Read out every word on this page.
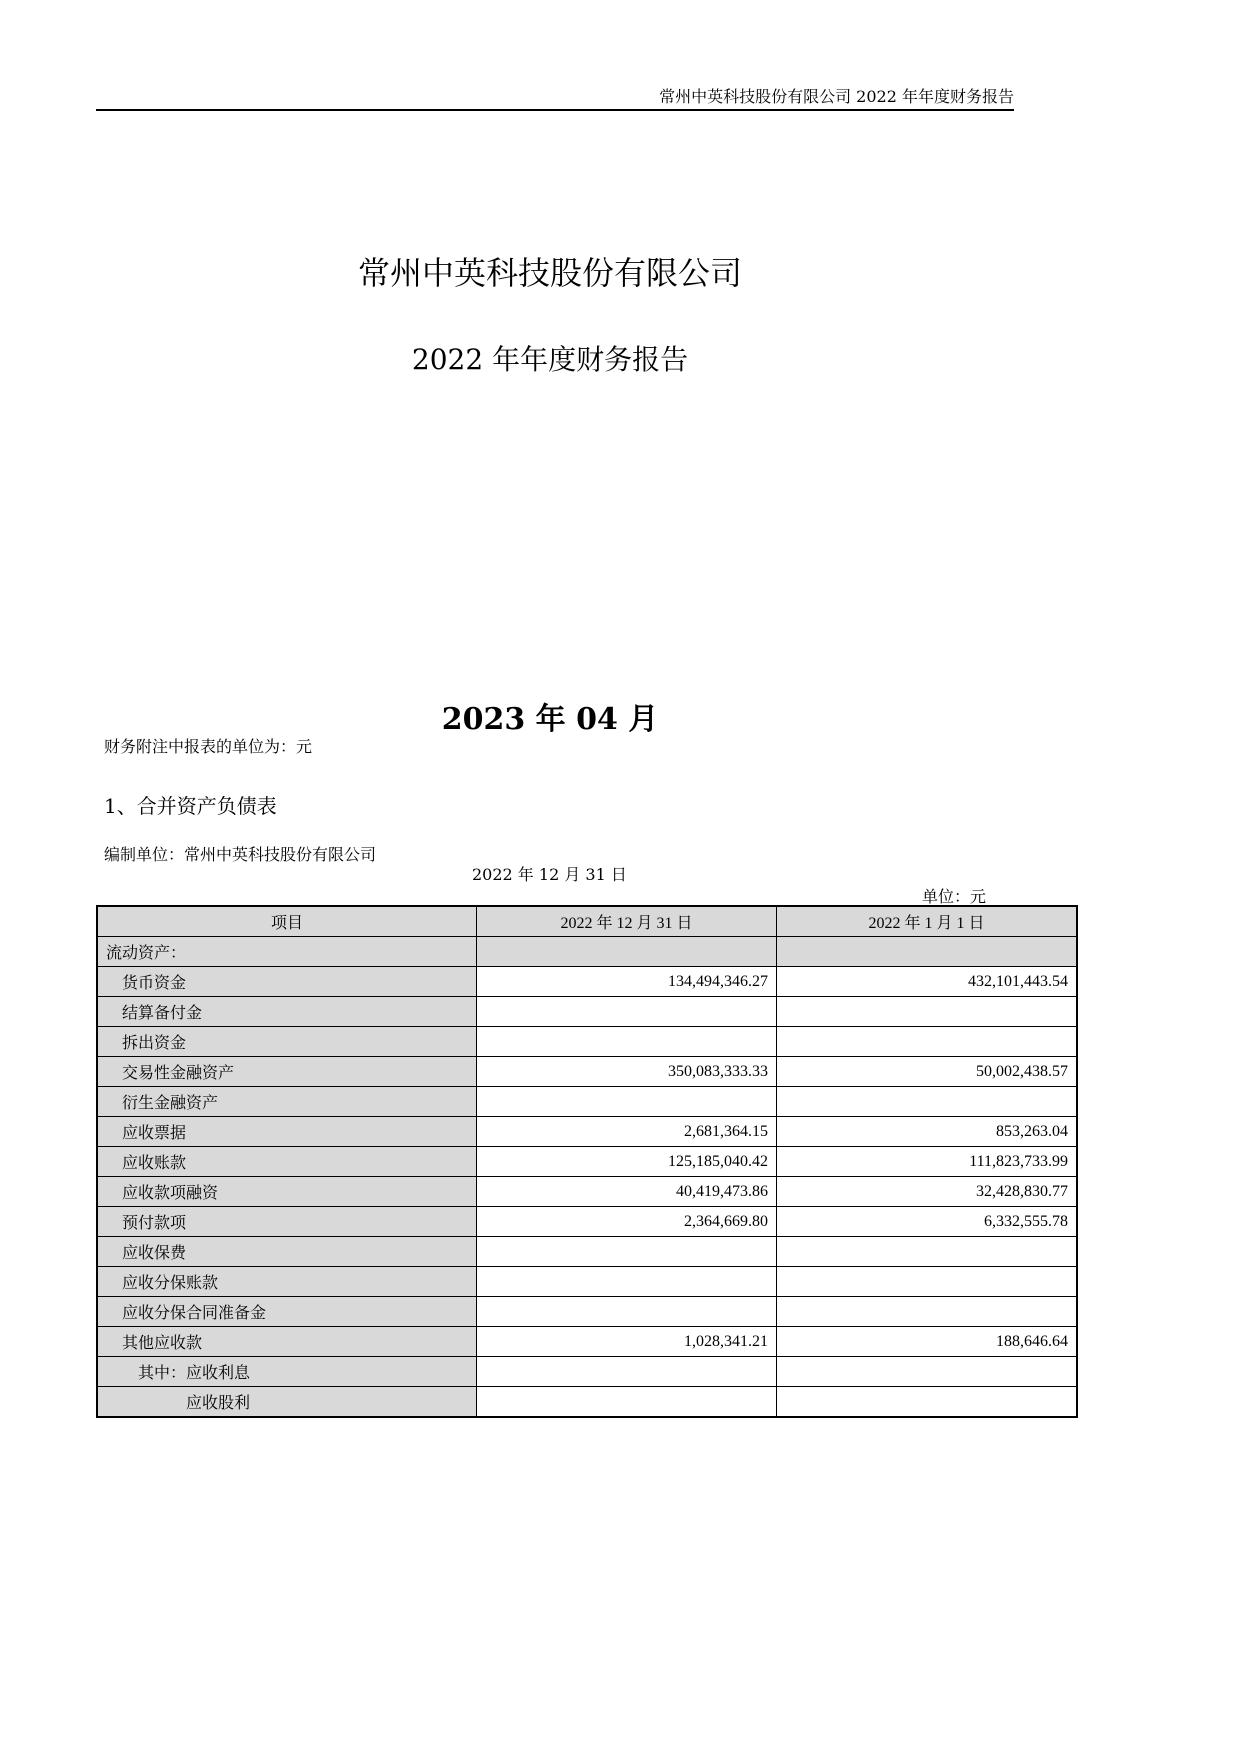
常州中英科技股份有限公司 2022 年年度财务报告
常州中英科技股份有限公司
2022 年年度财务报告
2023 年 04 月
财务附注中报表的单位为：元
1、合并资产负债表
编制单位：常州中英科技股份有限公司
2022 年 12 月 31 日
单位：元
项目	2022 年 12 月 31 日	2022 年 1 月 1 日
流动资产：		
货币资金	134,494,346.27	432,101,443.54
结算备付金		
拆出资金		
交易性金融资产	350,083,333.33	50,002,438.57
衍生金融资产		
应收票据	2,681,364.15	853,263.04
应收账款	125,185,040.42	111,823,733.99
应收款项融资	40,419,473.86	32,428,830.77
预付款项	2,364,669.80	6,332,555.78
应收保费		
应收分保账款		
应收分保合同准备金		
其他应收款	1,028,341.21	188,646.64
其中：应收利息		
应收股利		
